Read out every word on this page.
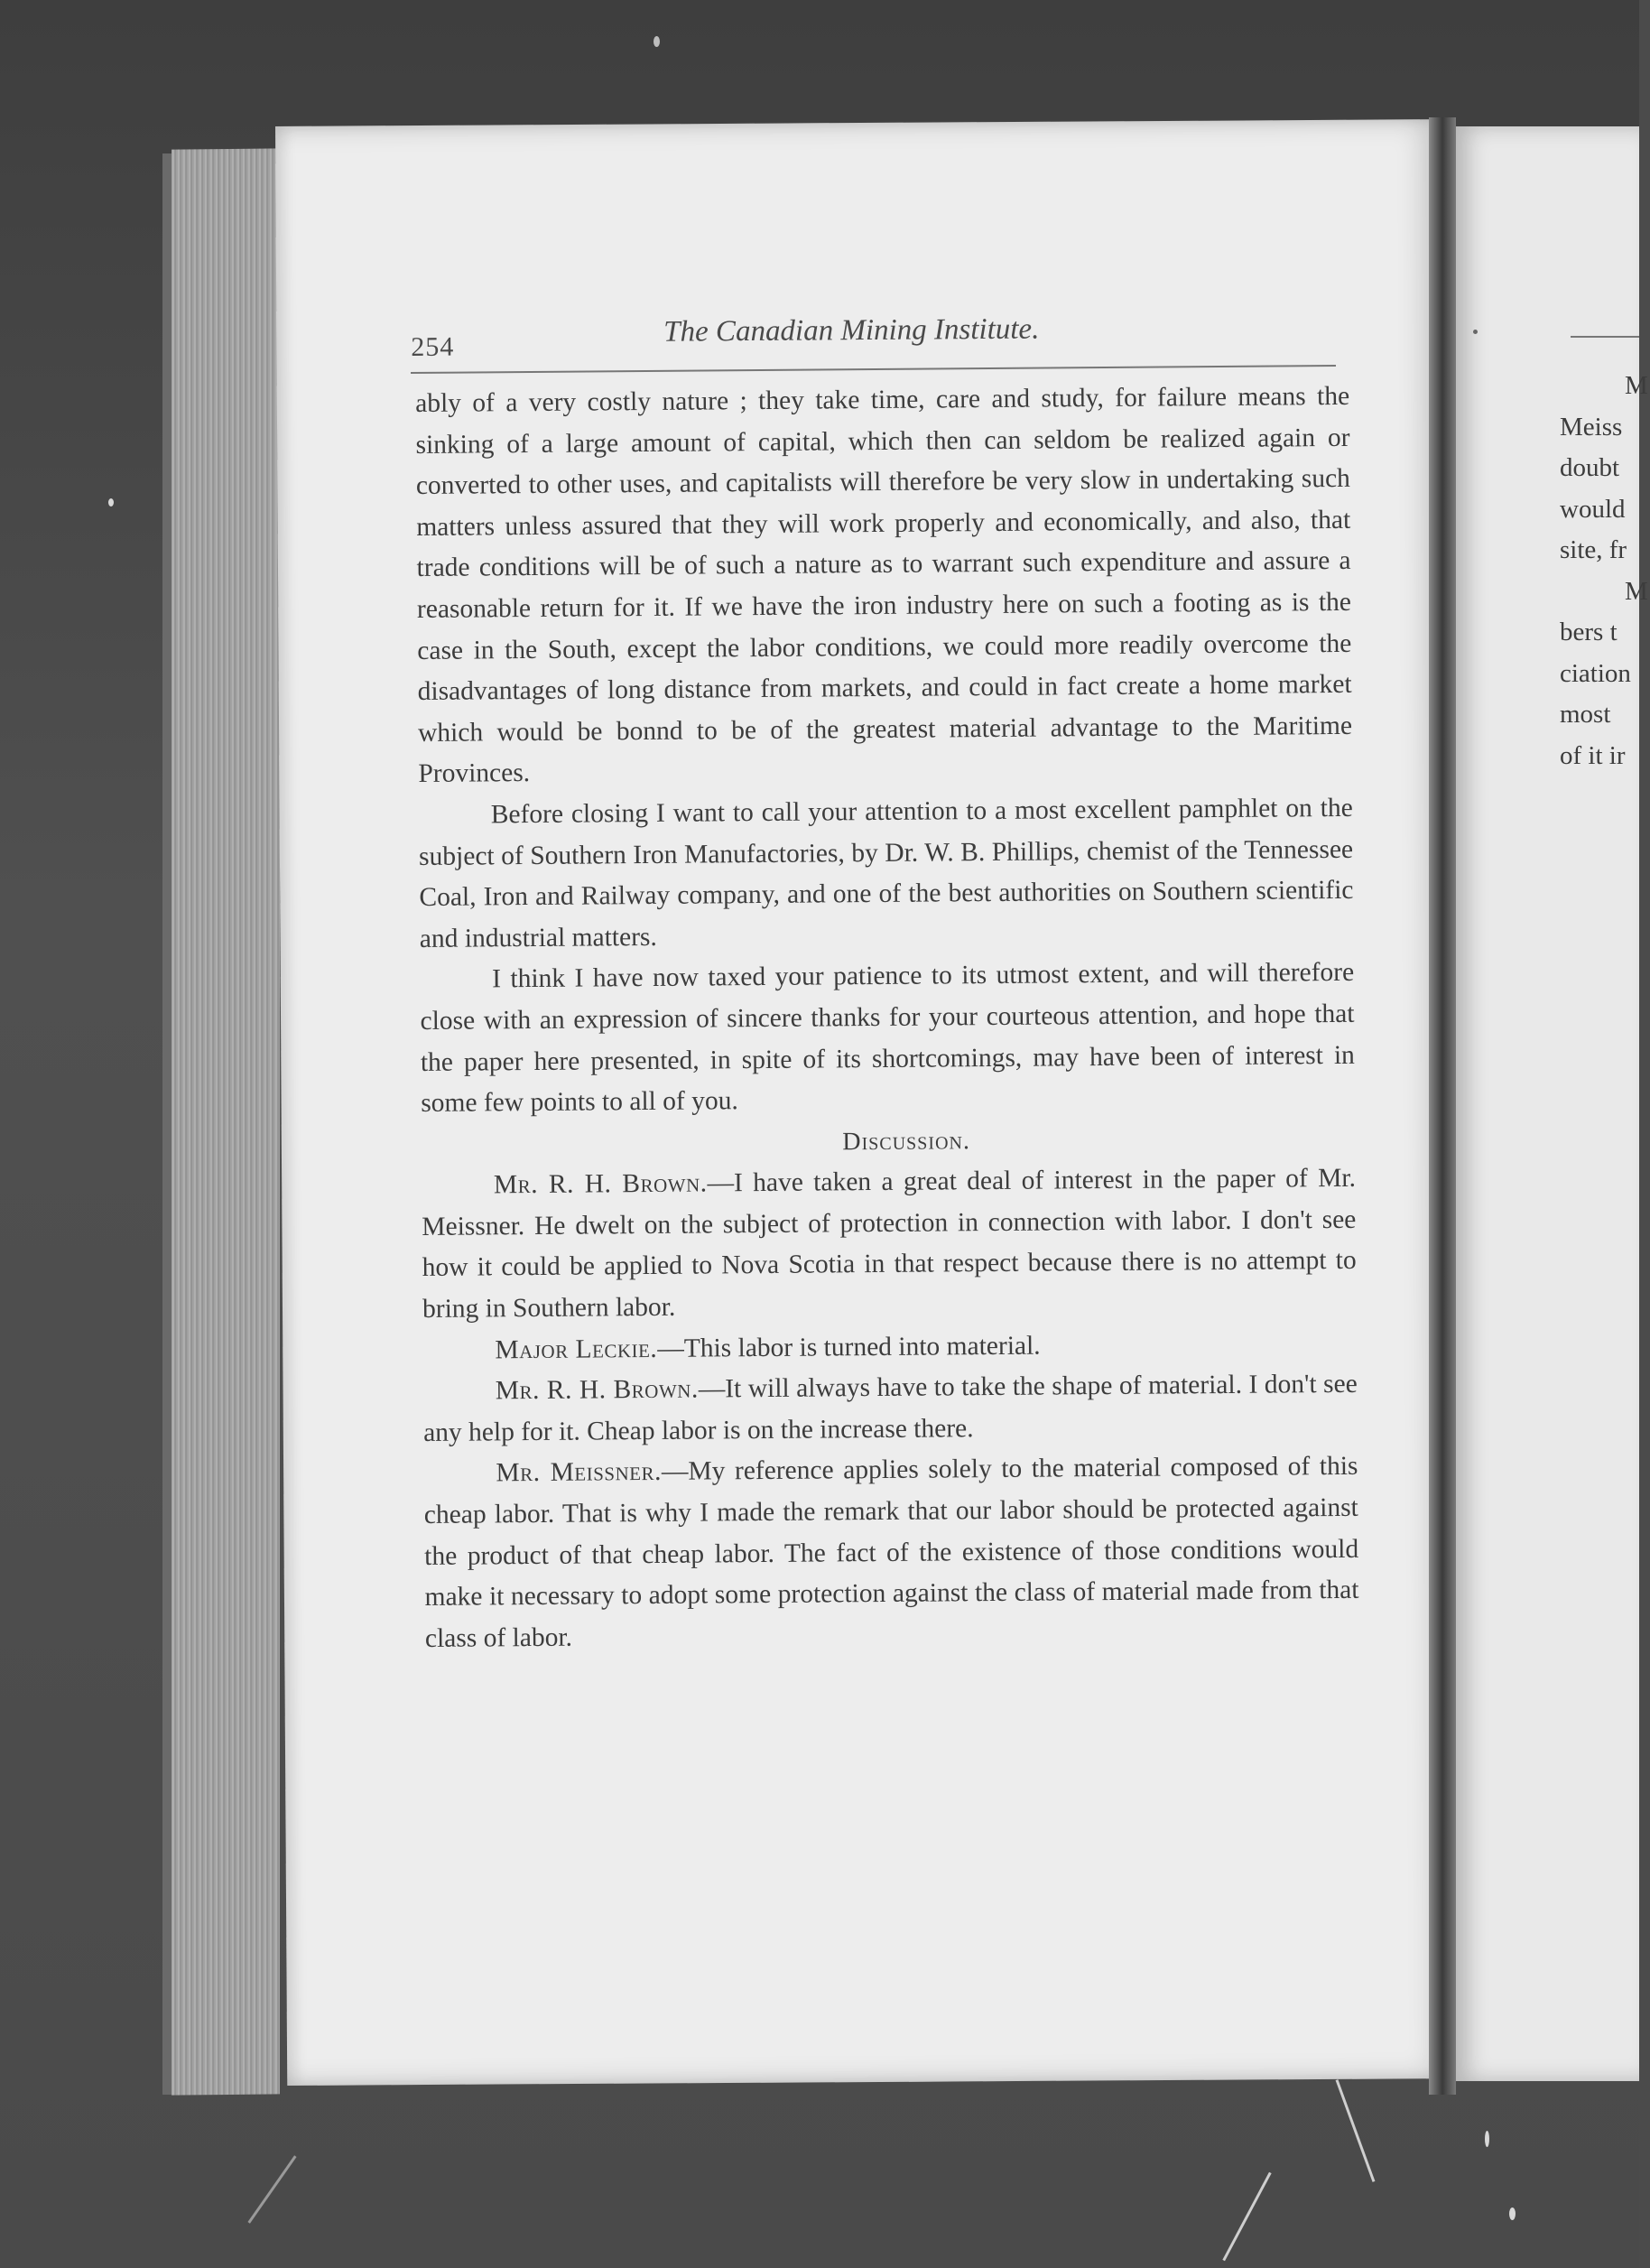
254	The Canadian Mining Institute.

ably of a very costly nature ; they take time, care and study, for failure means the sinking of a large amount of capital, which then can seldom be realized again or converted to other uses, and capitalists will therefore be very slow in undertaking such matters unless assured that they will work properly and economically, and also, that trade conditions will be of such a nature as to warrant such expenditure and assure a reasonable return for it. If we have the iron industry here on such a footing as is the case in the South, except the labor conditions, we could more readily overcome the disadvantages of long distance from markets, and could in fact create a home market which would be bonnd to be of the greatest material advantage to the Maritime Provinces.

Before closing I want to call your attention to a most excellent pamphlet on the subject of Southern Iron Manufactories, by Dr. W. B. Phillips, chemist of the Tennessee Coal, Iron and Railway company, and one of the best authorities on Southern scientific and industrial matters.

I think I have now taxed your patience to its utmost extent, and will therefore close with an expression of sincere thanks for your courteous attention, and hope that the paper here presented, in spite of its shortcomings, may have been of interest in some few points to all of you.

Discussion.

Mr. R. H. Brown.—I have taken a great deal of interest in the paper of Mr. Meissner. He dwelt on the subject of protection in connection with labor. I don't see how it could be applied to Nova Scotia in that respect because there is no attempt to bring in Southern labor.

Major Leckie.—This labor is turned into material.

Mr. R. H. Brown.—It will always have to take the shape of material. I don't see any help for it. Cheap labor is on the increase there.

Mr. Meissner.—My reference applies solely to the material composed of this cheap labor. That is why I made the remark that our labor should be protected against the product of that cheap labor. The fact of the existence of those conditions would make it necessary to adopt some protection against the class of material made from that class of labor.

M
Meiss
doubt
would
site, fr
M
bers t
ciation
most
of it ir
